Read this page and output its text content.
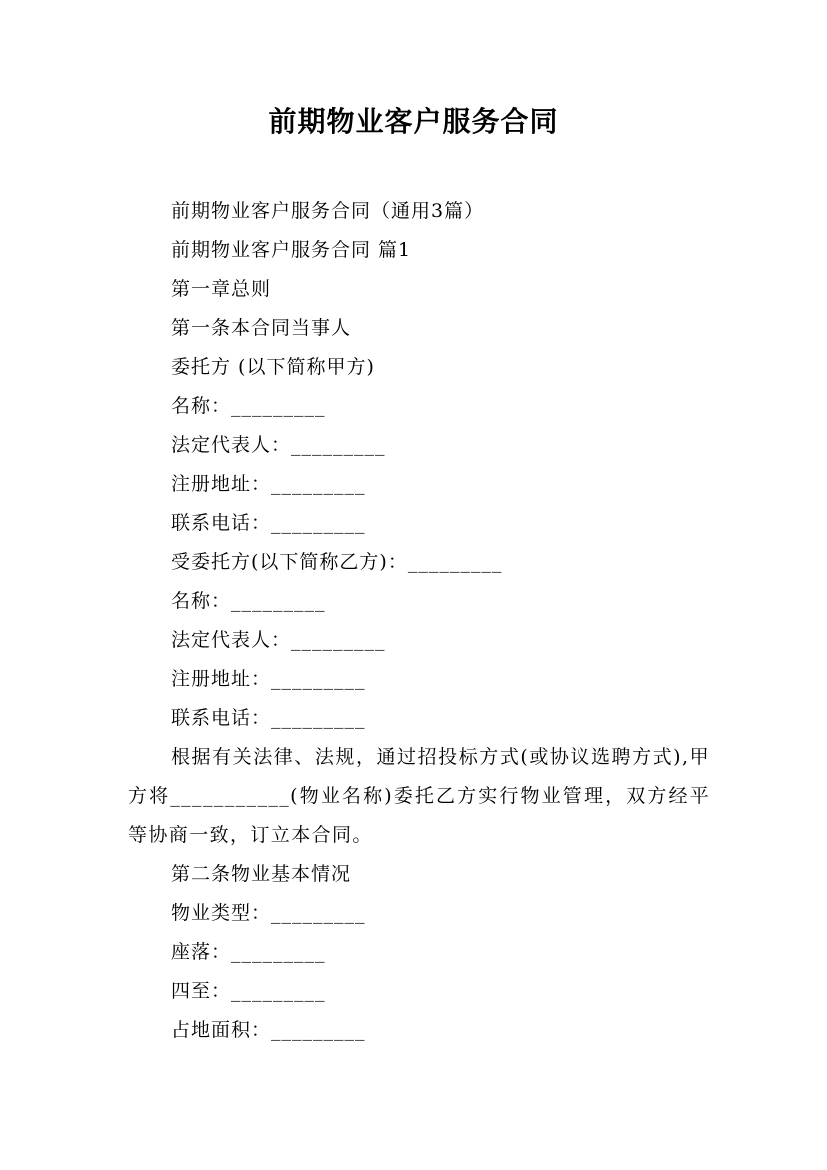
前期物业客户服务合同

前期物业客户服务合同（通用3篇）

前期物业客户服务合同 篇1

第一章总则

第一条本合同当事人

委托方 (以下简称甲方)

名称：_________

法定代表人：_________

注册地址：_________

联系电话：_________

受委托方(以下简称乙方)：_________

名称：_________

法定代表人：_________

注册地址：_________

联系电话：_________

根据有关法律、法规，通过招投标方式(或协议选聘方式),甲方将___________(物业名称)委托乙方实行物业管理，双方经平等协商一致，订立本合同。

第二条物业基本情况

物业类型：_________

座落：_________

四至：_________

占地面积：_________
